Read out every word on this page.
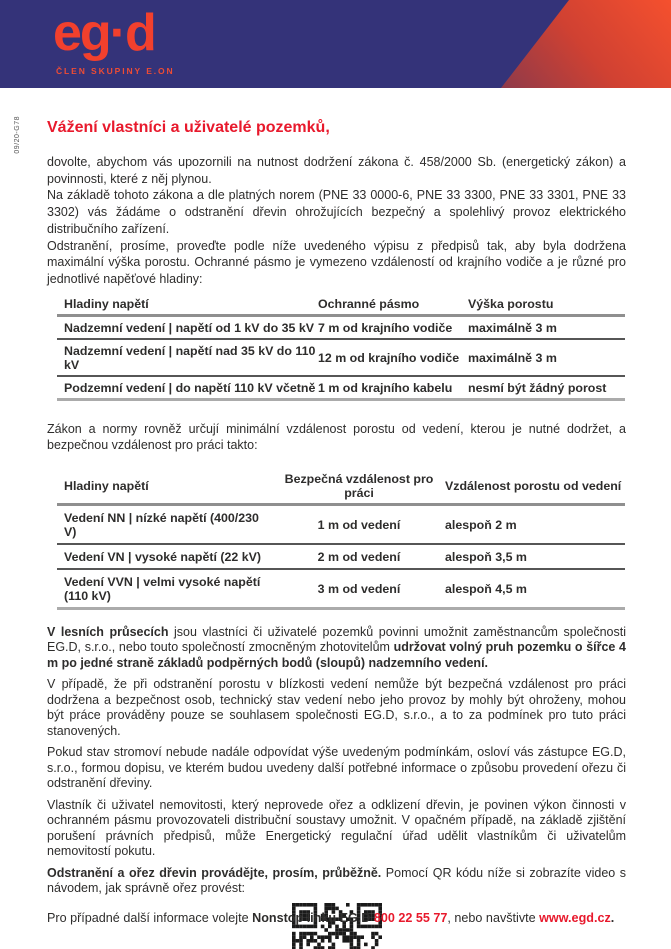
eg·d
ČLEN SKUPINY E.ON
09/20-G78 Vážení vlastníci a uživatelé pozemků,

dovolte, abychom vás upozornili na nutnost dodržení zákona č. 458/2000 Sb. (energetický zákon) a povinnosti, které z něj plynou.

Na základě tohoto zákona a dle platných norem (PNE 33 0000-6, PNE 33 3300, PNE 33 3301, PNE 33 3302) vás žádáme o odstranění dřevin ohrožujících bezpečný a spolehlivý provoz elektrického distribučního zařízení.

Odstranění, prosíme, proveďte podle níže uvedeného výpisu z předpisů tak, aby byla dodržena maximální výška porostu. Ochranné pásmo je vymezeno vzdáleností od krajního vodiče a je různé pro jednotlivé napěťové hladiny:

Hladiny napětí	Ochranné pásmo	Výška porostu
Nadzemní vedení | napětí od 1 kV do 35 kV	7 m od krajního vodiče	maximálně 3 m
Nadzemní vedení | napětí nad 35 kV do 110 kV	12 m od krajního vodiče	maximálně 3 m
Podzemní vedení | do napětí 110 kV včetně	1 m od krajního kabelu	nesmí být žádný porost

Zákon a normy rovněž určují minimální vzdálenost porostu od vedení, kterou je nutné dodržet, a bezpečnou vzdálenost pro práci takto:

Hladiny napětí	Bezpečná vzdálenost pro práci	Vzdálenost porostu od vedení
Vedení NN | nízké napětí (400/230 V)	1 m od vedení	alespoň 2 m
Vedení VN | vysoké napětí (22 kV)	2 m od vedení	alespoň 3,5 m
Vedení VVN | velmi vysoké napětí (110 kV)	3 m od vedení	alespoň 4,5 m

V lesních průsecích jsou vlastníci či uživatelé pozemků povinni umožnit zaměstnancům společnosti EG.D, s.r.o., nebo touto společností zmocněným zhotovitelům udržovat volný pruh pozemku o šířce 4 m po jedné straně základů podpěrných bodů (sloupů) nadzemního vedení.

V případě, že při odstranění porostu v blízkosti vedení nemůže být bezpečná vzdálenost pro práci dodržena a bezpečnost osob, technický stav vedení nebo jeho provoz by mohly být ohroženy, mohou být práce prováděny pouze se souhlasem společnosti EG.D, s.r.o., a to za podmínek pro tuto práci stanovených.

Pokud stav stromoví nebude nadále odpovídat výše uvedeným podmínkám, osloví vás zástupce EG.D, s.r.o., formou dopisu, ve kterém budou uvedeny další potřebné informace o způsobu provedení ořezu či odstranění dřeviny.

Vlastník či uživatel nemovitosti, který neprovede ořez a odklizení dřevin, je povinen výkon činnosti v ochranném pásmu provozovateli distribuční soustavy umožnit. V opačném případě, na základě zjištění porušení právních předpisů, může Energetický regulační úřad udělit vlastníkům či uživatelům nemovitostí pokutu.

Odstranění a ořez dřevin provádějte, prosím, průběžně. Pomocí QR kódu níže si zobrazíte video s návodem, jak správně ořez provést:

Pro případné další informace volejte Nonstop linku EG.D 800 22 55 77, nebo navštivte www.egd.cz.
